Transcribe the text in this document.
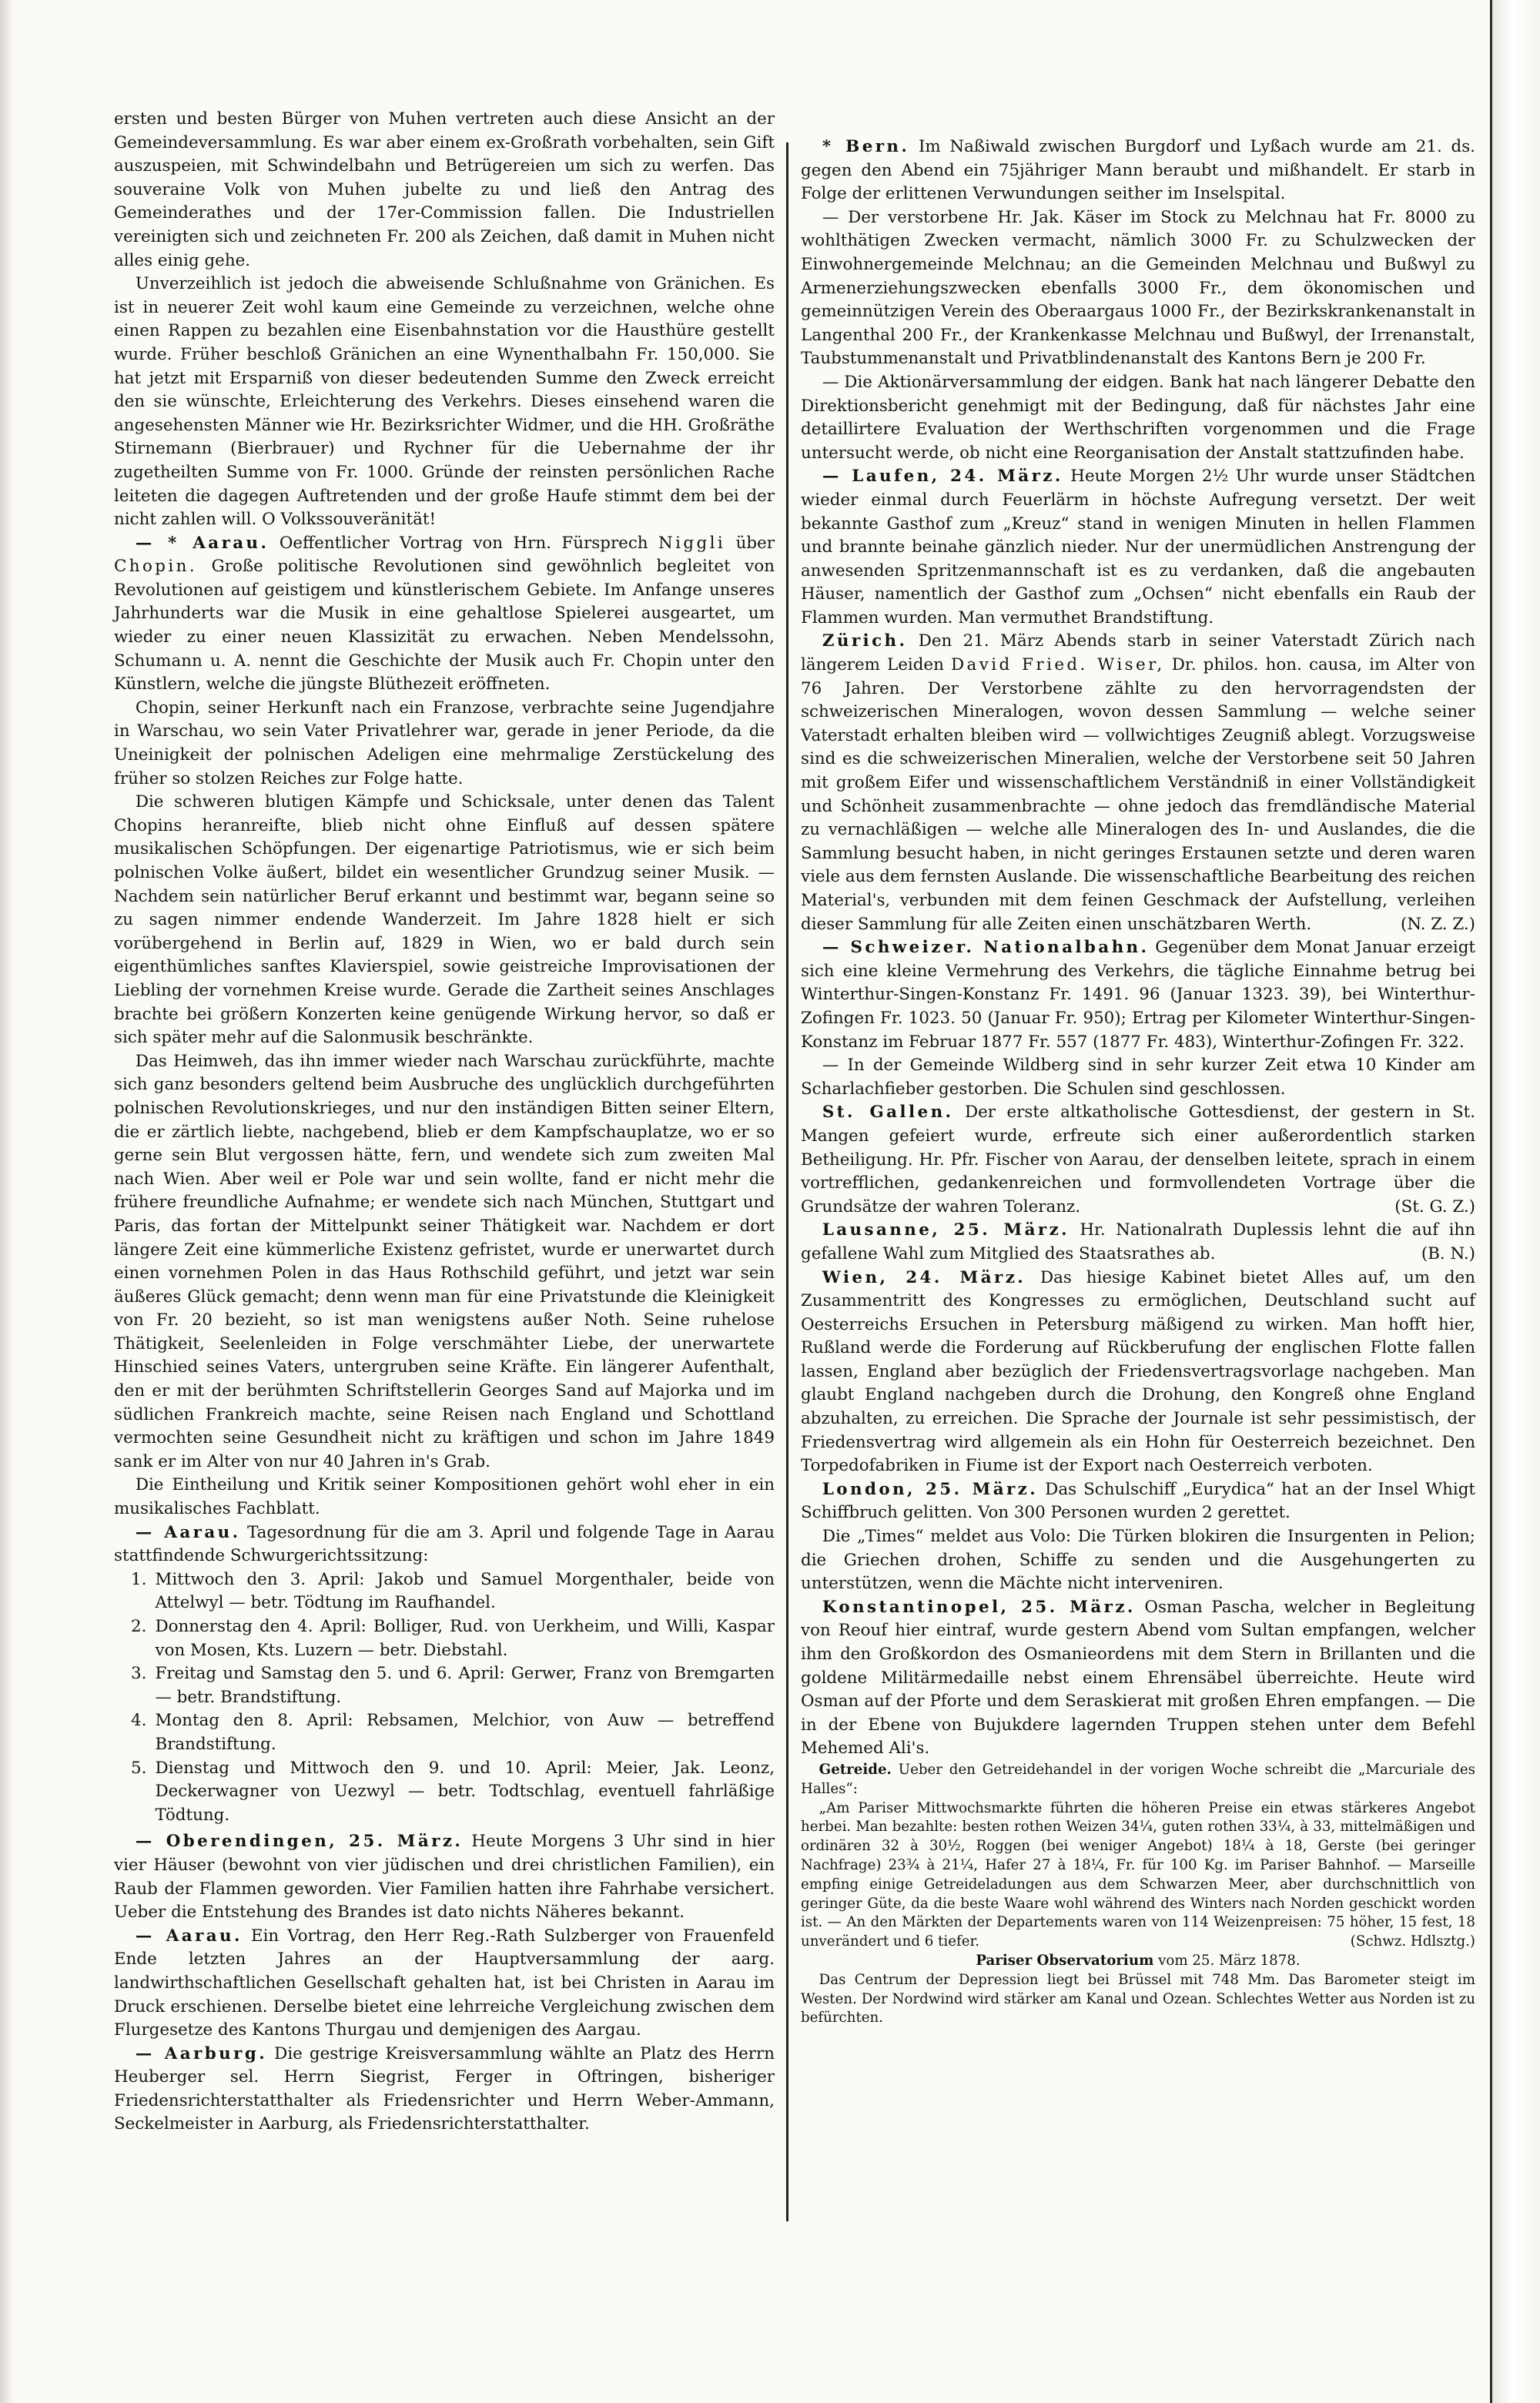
ersten und besten Bürger von Muhen vertreten auch diese Ansicht an der Gemeindeversammlung. Es war aber einem ex-Großrath vorbehalten, sein Gift auszuspeien, mit Schwindelbahn und Betrügereien um sich zu werfen. Das souveraine Volk von Muhen jubelte zu und ließ den Antrag des Gemeinderathes und der 17er-Commission fallen. Die Industriellen vereinigten sich und zeichneten Fr. 200 als Zeichen, daß damit in Muhen nicht alles einig gehe.

Unverzeihlich ist jedoch die abweisende Schlußnahme von Gränichen. Es ist in neuerer Zeit wohl kaum eine Gemeinde zu verzeichnen, welche ohne einen Rappen zu bezahlen eine Eisenbahnstation vor die Hausthüre gestellt wurde. Früher beschloß Gränichen an eine Wynenthalbahn Fr. 150,000. Sie hat jetzt mit Ersparniß von dieser bedeutenden Summe den Zweck erreicht den sie wünschte, Erleichterung des Verkehrs. Dieses einsehend waren die angesehensten Männer wie Hr. Bezirksrichter Widmer, und die HH. Großräthe Stirnemann (Bierbrauer) und Rychner für die Uebernahme der ihr zugetheilten Summe von Fr. 1000. Gründe der reinsten persönlichen Rache leiteten die dagegen Auftretenden und der große Haufe stimmt dem bei der nicht zahlen will. O Volkssouveränität!

— * Aarau. Oeffentlicher Vortrag von Hrn. Fürsprech Niggli über Chopin. Große politische Revolutionen sind gewöhnlich begleitet von Revolutionen auf geistigem und künstlerischem Gebiete. Im Anfange unseres Jahrhunderts war die Musik in eine gehaltlose Spielerei ausgeartet, um wieder zu einer neuen Klassizität zu erwachen. Neben Mendelssohn, Schumann u. A. nennt die Geschichte der Musik auch Fr. Chopin unter den Künstlern, welche die jüngste Blüthezeit eröffneten.

Chopin, seiner Herkunft nach ein Franzose, verbrachte seine Jugendjahre in Warschau, wo sein Vater Privatlehrer war, gerade in jener Periode, da die Uneinigkeit der polnischen Adeligen eine mehrmalige Zerstückelung des früher so stolzen Reiches zur Folge hatte.

Die schweren blutigen Kämpfe und Schicksale, unter denen das Talent Chopins heranreifte, blieb nicht ohne Einfluß auf dessen spätere musikalischen Schöpfungen. Der eigenartige Patriotismus, wie er sich beim polnischen Volke äußert, bildet ein wesentlicher Grundzug seiner Musik. — Nachdem sein natürlicher Beruf erkannt und bestimmt war, begann seine so zu sagen nimmer endende Wanderzeit. Im Jahre 1828 hielt er sich vorübergehend in Berlin auf, 1829 in Wien, wo er bald durch sein eigenthümliches sanftes Klavierspiel, sowie geistreiche Improvisationen der Liebling der vornehmen Kreise wurde. Gerade die Zartheit seines Anschlages brachte bei größern Konzerten keine genügende Wirkung hervor, so daß er sich später mehr auf die Salonmusik beschränkte.

Das Heimweh, das ihn immer wieder nach Warschau zurückführte, machte sich ganz besonders geltend beim Ausbruche des unglücklich durchgeführten polnischen Revolutionskrieges, und nur den inständigen Bitten seiner Eltern, die er zärtlich liebte, nachgebend, blieb er dem Kampfschauplatze, wo er so gerne sein Blut vergossen hätte, fern, und wendete sich zum zweiten Mal nach Wien. Aber weil er Pole war und sein wollte, fand er nicht mehr die frühere freundliche Aufnahme; er wendete sich nach München, Stuttgart und Paris, das fortan der Mittelpunkt seiner Thätigkeit war. Nachdem er dort längere Zeit eine kümmerliche Existenz gefristet, wurde er unerwartet durch einen vornehmen Polen in das Haus Rothschild geführt, und jetzt war sein äußeres Glück gemacht; denn wenn man für eine Privatstunde die Kleinigkeit von Fr. 20 bezieht, so ist man wenigstens außer Noth. Seine ruhelose Thätigkeit, Seelenleiden in Folge verschmähter Liebe, der unerwartete Hinschied seines Vaters, untergruben seine Kräfte. Ein längerer Aufenthalt, den er mit der berühmten Schriftstellerin Georges Sand auf Majorka und im südlichen Frankreich machte, seine Reisen nach England und Schottland vermochten seine Gesundheit nicht zu kräftigen und schon im Jahre 1849 sank er im Alter von nur 40 Jahren in's Grab.

Die Eintheilung und Kritik seiner Kompositionen gehört wohl eher in ein musikalisches Fachblatt.

— Aarau. Tagesordnung für die am 3. April und folgende Tage in Aarau stattfindende Schwurgerichtssitzung:

1. Mittwoch den 3. April: Jakob und Samuel Morgenthaler, beide von Attelwyl — betr. Tödtung im Raufhandel.
2. Donnerstag den 4. April: Bolliger, Rud. von Uerkheim, und Willi, Kaspar von Mosen, Kts. Luzern — betr. Diebstahl.
3. Freitag und Samstag den 5. und 6. April: Gerwer, Franz von Bremgarten — betr. Brandstiftung.
4. Montag den 8. April: Rebsamen, Melchior, von Auw — betreffend Brandstiftung.
5. Dienstag und Mittwoch den 9. und 10. April: Meier, Jak. Leonz, Deckerwagner von Uezwyl — betr. Todtschlag, eventuell fahrläßige Tödtung.

— Oberendingen, 25. März. Heute Morgens 3 Uhr sind in hier vier Häuser (bewohnt von vier jüdischen und drei christlichen Familien), ein Raub der Flammen geworden. Vier Familien hatten ihre Fahrhabe versichert. Ueber die Entstehung des Brandes ist dato nichts Näheres bekannt.

— Aarau. Ein Vortrag, den Herr Reg.-Rath Sulzberger von Frauenfeld Ende letzten Jahres an der Hauptversammlung der aarg. landwirthschaftlichen Gesellschaft gehalten hat, ist bei Christen in Aarau im Druck erschienen. Derselbe bietet eine lehrreiche Vergleichung zwischen dem Flurgesetze des Kantons Thurgau und demjenigen des Aargau.

— Aarburg. Die gestrige Kreisversammlung wählte an Platz des Herrn Heuberger sel. Herrn Siegrist, Ferger in Oftringen, bisheriger Friedensrichterstatthalter als Friedensrichter und Herrn Weber-Ammann, Seckelmeister in Aarburg, als Friedensrichterstatthalter.

* Bern. Im Naßiwald zwischen Burgdorf und Lyßach wurde am 21. ds. gegen den Abend ein 75jähriger Mann beraubt und mißhandelt. Er starb in Folge der erlittenen Verwundungen seither im Inselspital.

— Der verstorbene Hr. Jak. Käser im Stock zu Melchnau hat Fr. 8000 zu wohlthätigen Zwecken vermacht, nämlich 3000 Fr. zu Schulzwecken der Einwohnergemeinde Melchnau; an die Gemeinden Melchnau und Bußwyl zu Armenerziehungszwecken ebenfalls 3000 Fr., dem ökonomischen und gemeinnützigen Verein des Oberaargaus 1000 Fr., der Bezirkskrankenanstalt in Langenthal 200 Fr., der Krankenkasse Melchnau und Bußwyl, der Irrenanstalt, Taubstummenanstalt und Privatblindenanstalt des Kantons Bern je 200 Fr.

— Die Aktionärversammlung der eidgen. Bank hat nach längerer Debatte den Direktionsbericht genehmigt mit der Bedingung, daß für nächstes Jahr eine detaillirtere Evaluation der Werthschriften vorgenommen und die Frage untersucht werde, ob nicht eine Reorganisation der Anstalt stattzufinden habe.

— Laufen, 24. März. Heute Morgen 2½ Uhr wurde unser Städtchen wieder einmal durch Feuerlärm in höchste Aufregung versetzt. Der weit bekannte Gasthof zum „Kreuz“ stand in wenigen Minuten in hellen Flammen und brannte beinahe gänzlich nieder. Nur der unermüdlichen Anstrengung der anwesenden Spritzenmannschaft ist es zu verdanken, daß die angebauten Häuser, namentlich der Gasthof zum „Ochsen“ nicht ebenfalls ein Raub der Flammen wurden. Man vermuthet Brandstiftung.

Zürich. Den 21. März Abends starb in seiner Vaterstadt Zürich nach längerem Leiden David Fried. Wiser, Dr. philos. hon. causa, im Alter von 76 Jahren. Der Verstorbene zählte zu den hervorragendsten der schweizerischen Mineralogen, wovon dessen Sammlung — welche seiner Vaterstadt erhalten bleiben wird — vollwichtiges Zeugniß ablegt. Vorzugsweise sind es die schweizerischen Mineralien, welche der Verstorbene seit 50 Jahren mit großem Eifer und wissenschaftlichem Verständniß in einer Vollständigkeit und Schönheit zusammenbrachte — ohne jedoch das fremdländische Material zu vernachläßigen — welche alle Mineralogen des In- und Auslandes, die die Sammlung besucht haben, in nicht geringes Erstaunen setzte und deren waren viele aus dem fernsten Auslande. Die wissenschaftliche Bearbeitung des reichen Material's, verbunden mit dem feinen Geschmack der Aufstellung, verleihen dieser Sammlung für alle Zeiten einen unschätzbaren Werth.	(N. Z. Z.)

— Schweizer. Nationalbahn. Gegenüber dem Monat Januar erzeigt sich eine kleine Vermehrung des Verkehrs, die tägliche Einnahme betrug bei Winterthur-Singen-Konstanz Fr. 1491. 96 (Januar 1323. 39), bei Winterthur-Zofingen Fr. 1023. 50 (Januar Fr. 950); Ertrag per Kilometer Winterthur-Singen-Konstanz im Februar 1877 Fr. 557 (1877 Fr. 483), Winterthur-Zofingen Fr. 322.

— In der Gemeinde Wildberg sind in sehr kurzer Zeit etwa 10 Kinder am Scharlachfieber gestorben. Die Schulen sind geschlossen.

St. Gallen. Der erste altkatholische Gottesdienst, der gestern in St. Mangen gefeiert wurde, erfreute sich einer außerordentlich starken Betheiligung. Hr. Pfr. Fischer von Aarau, der denselben leitete, sprach in einem vortrefflichen, gedankenreichen und formvollendeten Vortrage über die Grundsätze der wahren Toleranz.	(St. G. Z.)

Lausanne, 25. März. Hr. Nationalrath Duplessis lehnt die auf ihn gefallene Wahl zum Mitglied des Staatsrathes ab.	(B. N.)

Wien, 24. März. Das hiesige Kabinet bietet Alles auf, um den Zusammentritt des Kongresses zu ermöglichen, Deutschland sucht auf Oesterreichs Ersuchen in Petersburg mäßigend zu wirken. Man hofft hier, Rußland werde die Forderung auf Rückberufung der englischen Flotte fallen lassen, England aber bezüglich der Friedensvertragsvorlage nachgeben. Man glaubt England nachgeben durch die Drohung, den Kongreß ohne England abzuhalten, zu erreichen. Die Sprache der Journale ist sehr pessimistisch, der Friedensvertrag wird allgemein als ein Hohn für Oesterreich bezeichnet. Den Torpedofabriken in Fiume ist der Export nach Oesterreich verboten.

London, 25. März. Das Schulschiff „Eurydica“ hat an der Insel Whigt Schiffbruch gelitten. Von 300 Personen wurden 2 gerettet.

Die „Times“ meldet aus Volo: Die Türken blokiren die Insurgenten in Pelion; die Griechen drohen, Schiffe zu senden und die Ausgehungerten zu unterstützen, wenn die Mächte nicht interveniren.

Konstantinopel, 25. März. Osman Pascha, welcher in Begleitung von Reouf hier eintraf, wurde gestern Abend vom Sultan empfangen, welcher ihm den Großkordon des Osmanieordens mit dem Stern in Brillanten und die goldene Militärmedaille nebst einem Ehrensäbel überreichte. Heute wird Osman auf der Pforte und dem Seraskierat mit großen Ehren empfangen. — Die in der Ebene von Bujukdere lagernden Truppen stehen unter dem Befehl Mehemed Ali's.

Getreide. Ueber den Getreidehandel in der vorigen Woche schreibt die „Marcuriale des Halles“:

„Am Pariser Mittwochsmarkte führten die höheren Preise ein etwas stärkeres Angebot herbei. Man bezahlte: besten rothen Weizen 34¼, guten rothen 33¼, à 33, mittelmäßigen und ordinären 32 à 30½, Roggen (bei weniger Angebot) 18¼ à 18, Gerste (bei geringer Nachfrage) 23¾ à 21¼, Hafer 27 à 18¼, Fr. für 100 Kg. im Pariser Bahnhof. — Marseille empfing einige Getreideladungen aus dem Schwarzen Meer, aber durchschnittlich von geringer Güte, da die beste Waare wohl während des Winters nach Norden geschickt worden ist. — An den Märkten der Departements waren von 114 Weizenpreisen: 75 höher, 15 fest, 18 unverändert und 6 tiefer.	(Schwz. Hdlsztg.)

Pariser Observatorium vom 25. März 1878.

Das Centrum der Depression liegt bei Brüssel mit 748 Mm. Das Barometer steigt im Westen. Der Nordwind wird stärker am Kanal und Ozean. Schlechtes Wetter aus Norden ist zu befürchten.
